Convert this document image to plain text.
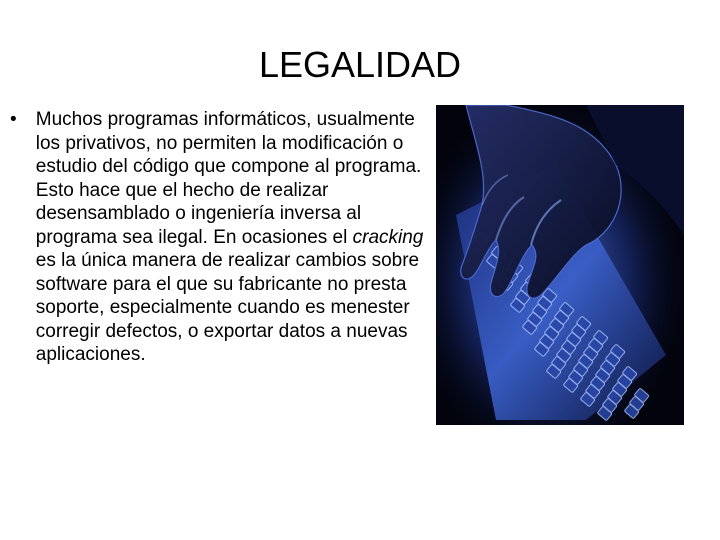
LEGALIDAD
•	Muchos programas informáticos, usualmente los privativos, no permiten la modificación o estudio del código que compone al programa. Esto hace que el hecho de realizar desensamblado o ingeniería inversa al programa sea ilegal. En ocasiones el cracking es la única manera de realizar cambios sobre software para el que su fabricante no presta soporte, especialmente cuando es menester corregir defectos, o exportar datos a nuevas aplicaciones.
